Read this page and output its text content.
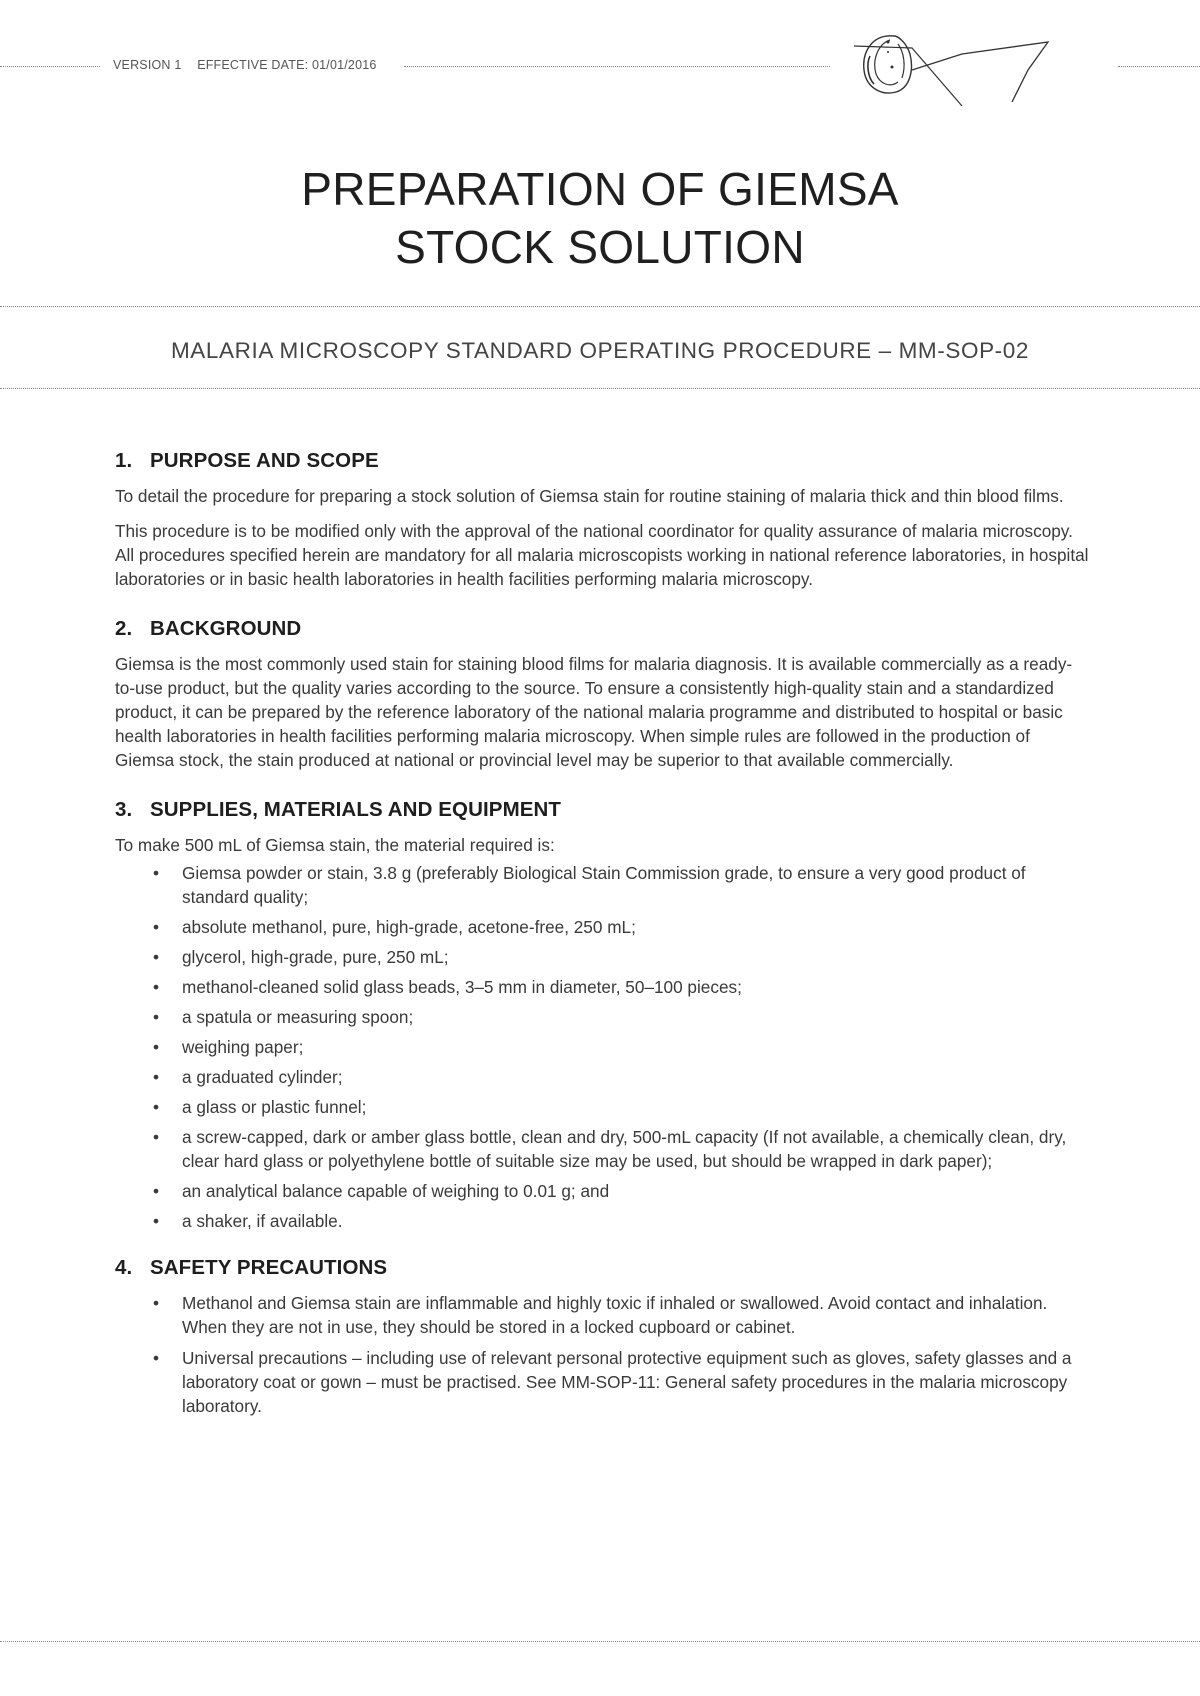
VERSION 1 EFFECTIVE DATE: 01/01/2016
PREPARATION OF GIEMSA
STOCK SOLUTION
MALARIA MICROSCOPY STANDARD OPERATING PROCEDURE – MM-SOP-02
1. PURPOSE AND SCOPE

To detail the procedure for preparing a stock solution of Giemsa stain for routine staining of malaria thick and thin blood films.

This procedure is to be modified only with the approval of the national coordinator for quality assurance of malaria microscopy. All procedures specified herein are mandatory for all malaria microscopists working in national reference laboratories, in hospital laboratories or in basic health laboratories in health facilities performing malaria microscopy.

2. BACKGROUND

Giemsa is the most commonly used stain for staining blood films for malaria diagnosis. It is available commercially as a ready-to-use product, but the quality varies according to the source. To ensure a consistently high-quality stain and a standardized product, it can be prepared by the reference laboratory of the national malaria programme and distributed to hospital or basic health laboratories in health facilities performing malaria microscopy. When simple rules are followed in the production of Giemsa stock, the stain produced at national or provincial level may be superior to that available commercially.

3. SUPPLIES, MATERIALS AND EQUIPMENT

To make 500 mL of Giemsa stain, the material required is:

• Giemsa powder or stain, 3.8 g (preferably Biological Stain Commission grade, to ensure a very good product of standard quality;
• absolute methanol, pure, high-grade, acetone-free, 250 mL;
• glycerol, high-grade, pure, 250 mL;
• methanol-cleaned solid glass beads, 3–5 mm in diameter, 50–100 pieces;
• a spatula or measuring spoon;
• weighing paper;
• a graduated cylinder;
• a glass or plastic funnel;
• a screw-capped, dark or amber glass bottle, clean and dry, 500-mL capacity (If not available, a chemically clean, dry, clear hard glass or polyethylene bottle of suitable size may be used, but should be wrapped in dark paper);
• an analytical balance capable of weighing to 0.01 g; and
• a shaker, if available.
4. SAFETY PRECAUTIONS
• Methanol and Giemsa stain are inflammable and highly toxic if inhaled or swallowed. Avoid contact and inhalation. When they are not in use, they should be stored in a locked cupboard or cabinet.
• Universal precautions – including use of relevant personal protective equipment such as gloves, safety glasses and a laboratory coat or gown – must be practised. See MM-SOP-11: General safety procedures in the malaria microscopy laboratory.
